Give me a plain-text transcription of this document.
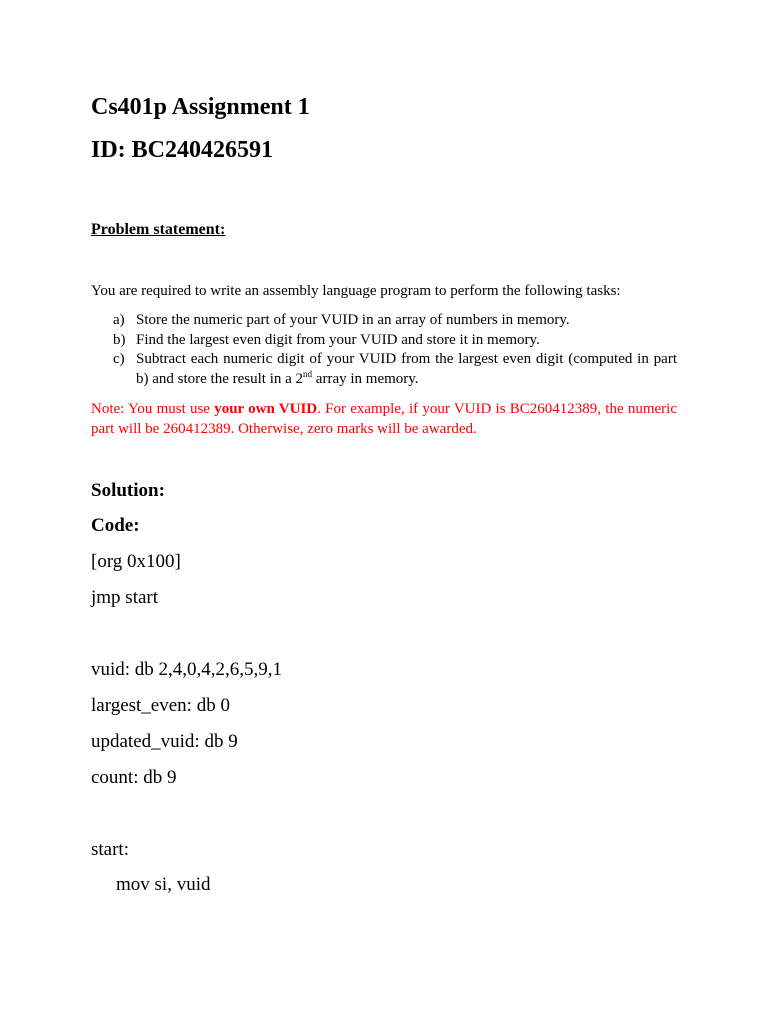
Cs401p Assignment 1
ID: BC240426591
Problem statement:
You are required to write an assembly language program to perform the following tasks:
a) Store the numeric part of your VUID in an array of numbers in memory.
b) Find the largest even digit from your VUID and store it in memory.
c) Subtract each numeric digit of your VUID from the largest even digit (computed in part b) and store the result in a 2nd array in memory.
Note: You must use your own VUID. For example, if your VUID is BC260412389, the numeric part will be 260412389. Otherwise, zero marks will be awarded.
Solution:
Code:
[org 0x100]
jmp start
vuid: db 2,4,0,4,2,6,5,9,1
largest_even: db 0
updated_vuid: db 9
count: db 9
start:
mov si, vuid
